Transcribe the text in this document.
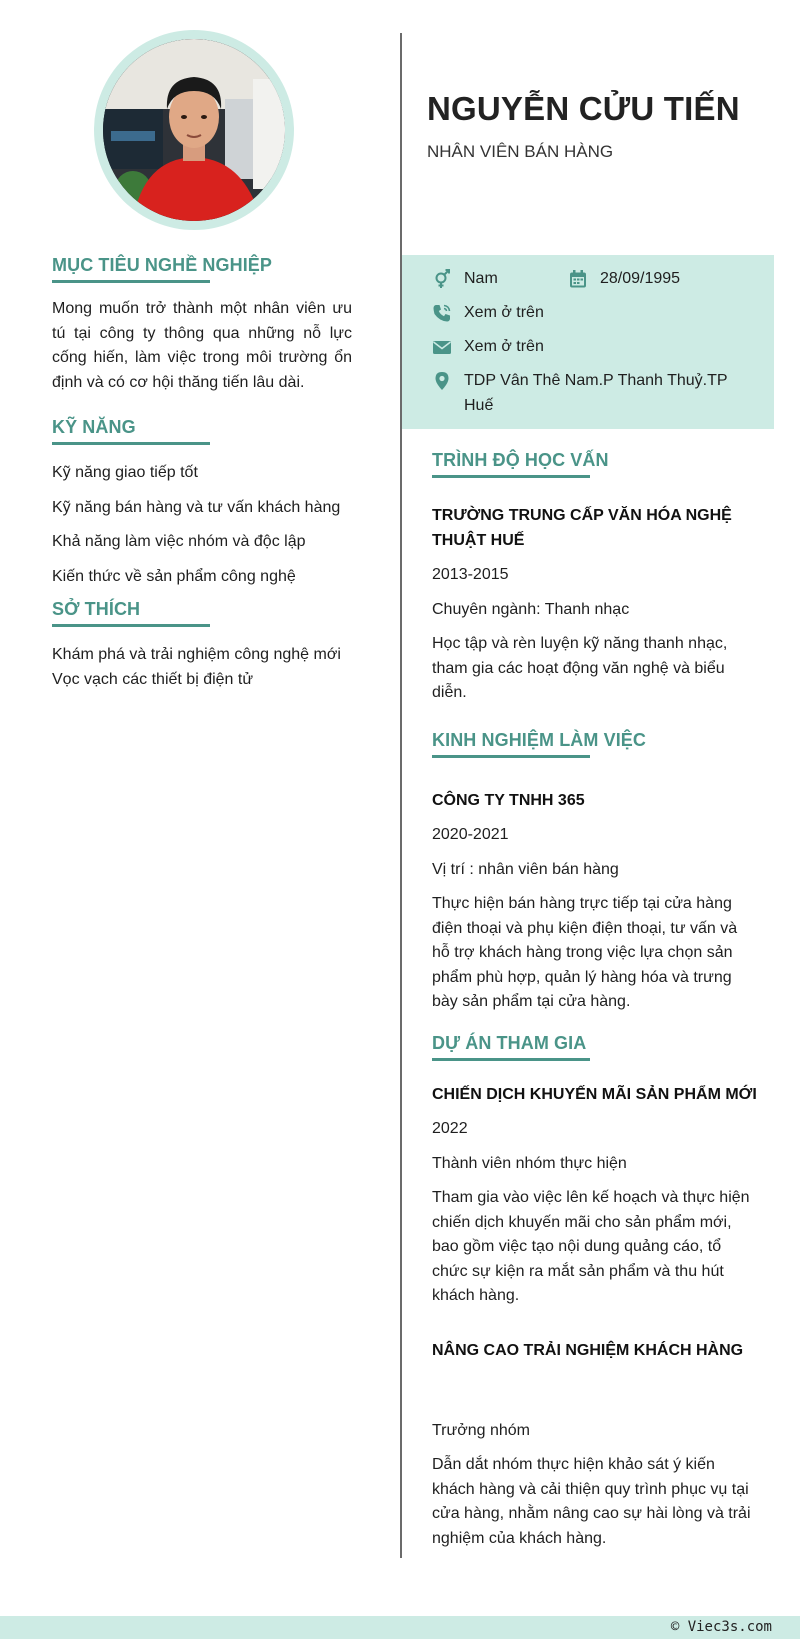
MỤC TIÊU NGHỀ NGHIỆP
Mong muốn trở thành một nhân viên ưu tú tại công ty thông qua những nỗ lực cống hiến, làm việc trong môi trường ổn định và có cơ hội thăng tiến lâu dài.
KỸ NĂNG
Kỹ năng giao tiếp tốt
Kỹ năng bán hàng và tư vấn khách hàng
Khả năng làm việc nhóm và độc lập
Kiến thức về sản phẩm công nghệ
SỞ THÍCH
Khám phá và trải nghiệm công nghệ mới
Vọc vạch các thiết bị điện tử
NGUYỄN CỬU TIẾN
NHÂN VIÊN BÁN HÀNG
Nam	28/09/1995
Xem ở trên
Xem ở trên
TDP Vân Thê Nam.P Thanh Thuỷ.TP
Huế
TRÌNH ĐỘ HỌC VẤN
TRƯỜNG TRUNG CẤP VĂN HÓA NGHỆ THUẬT HUẾ
2013-2015
Chuyên ngành: Thanh nhạc
Học tập và rèn luyện kỹ năng thanh nhạc, tham gia các hoạt động văn nghệ và biểu diễn.
KINH NGHIỆM LÀM VIỆC
CÔNG TY TNHH 365
2020-2021
Vị trí : nhân viên bán hàng
Thực hiện bán hàng trực tiếp tại cửa hàng điện thoại và phụ kiện điện thoại, tư vấn và hỗ trợ khách hàng trong việc lựa chọn sản phẩm phù hợp, quản lý hàng hóa và trưng bày sản phẩm tại cửa hàng.
DỰ ÁN THAM GIA
CHIẾN DỊCH KHUYẾN MÃI SẢN PHẨM MỚI
2022
Thành viên nhóm thực hiện
Tham gia vào việc lên kế hoạch và thực hiện chiến dịch khuyến mãi cho sản phẩm mới, bao gồm việc tạo nội dung quảng cáo, tổ chức sự kiện ra mắt sản phẩm và thu hút khách hàng.
NÂNG CAO TRẢI NGHIỆM KHÁCH HÀNG
Trưởng nhóm
Dẫn dắt nhóm thực hiện khảo sát ý kiến khách hàng và cải thiện quy trình phục vụ tại cửa hàng, nhằm nâng cao sự hài lòng và trải nghiệm của khách hàng.
© Viec3s.com
